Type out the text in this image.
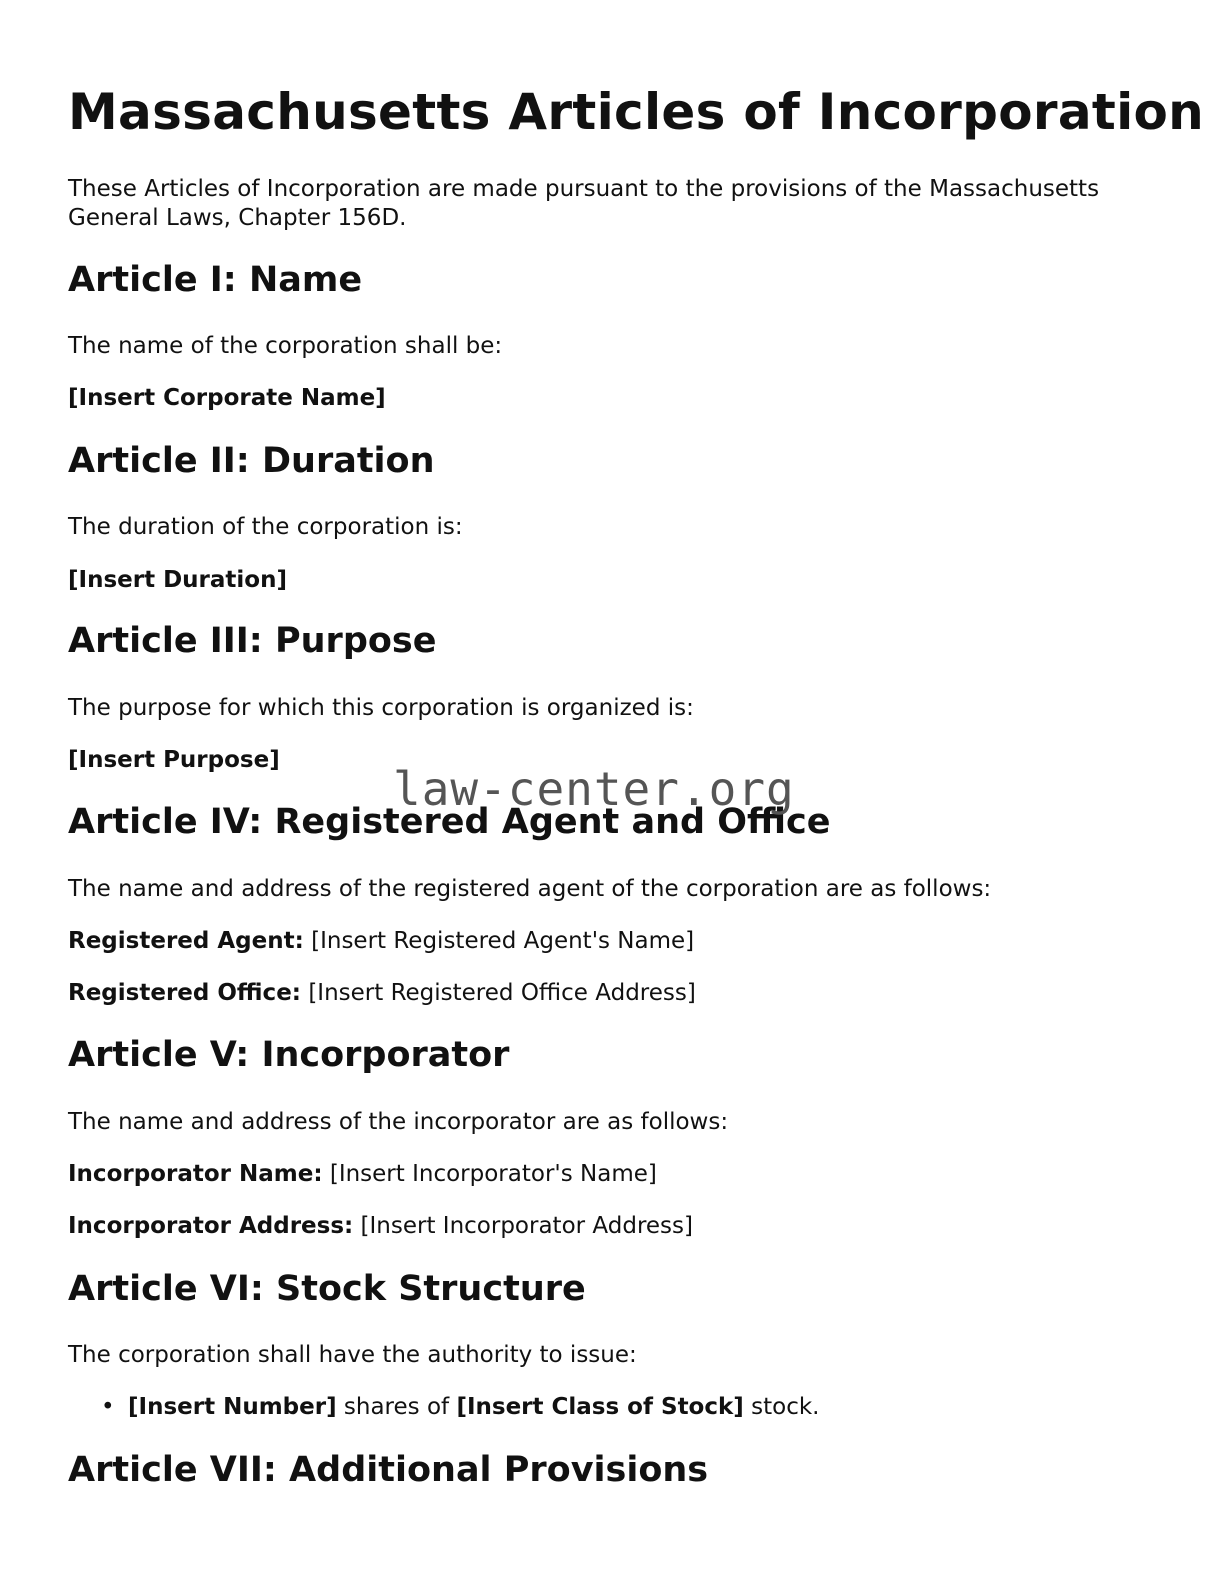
Massachusetts Articles of Incorporation

These Articles of Incorporation are made pursuant to the provisions of the Massachusetts General Laws, Chapter 156D.

Article I: Name

The name of the corporation shall be:

[Insert Corporate Name]

Article II: Duration

The duration of the corporation is:

[Insert Duration]

Article III: Purpose

The purpose for which this corporation is organized is:

[Insert Purpose]

Article IV: Registered Agent and Office

The name and address of the registered agent of the corporation are as follows:

Registered Agent: [Insert Registered Agent's Name]

Registered Office: [Insert Registered Office Address]

Article V: Incorporator

The name and address of the incorporator are as follows:

Incorporator Name: [Insert Incorporator's Name]

Incorporator Address: [Insert Incorporator Address]

Article VI: Stock Structure

The corporation shall have the authority to issue:

• [Insert Number] shares of [Insert Class of Stock] stock.
Article VII: Additional Provisions
law-center.org
